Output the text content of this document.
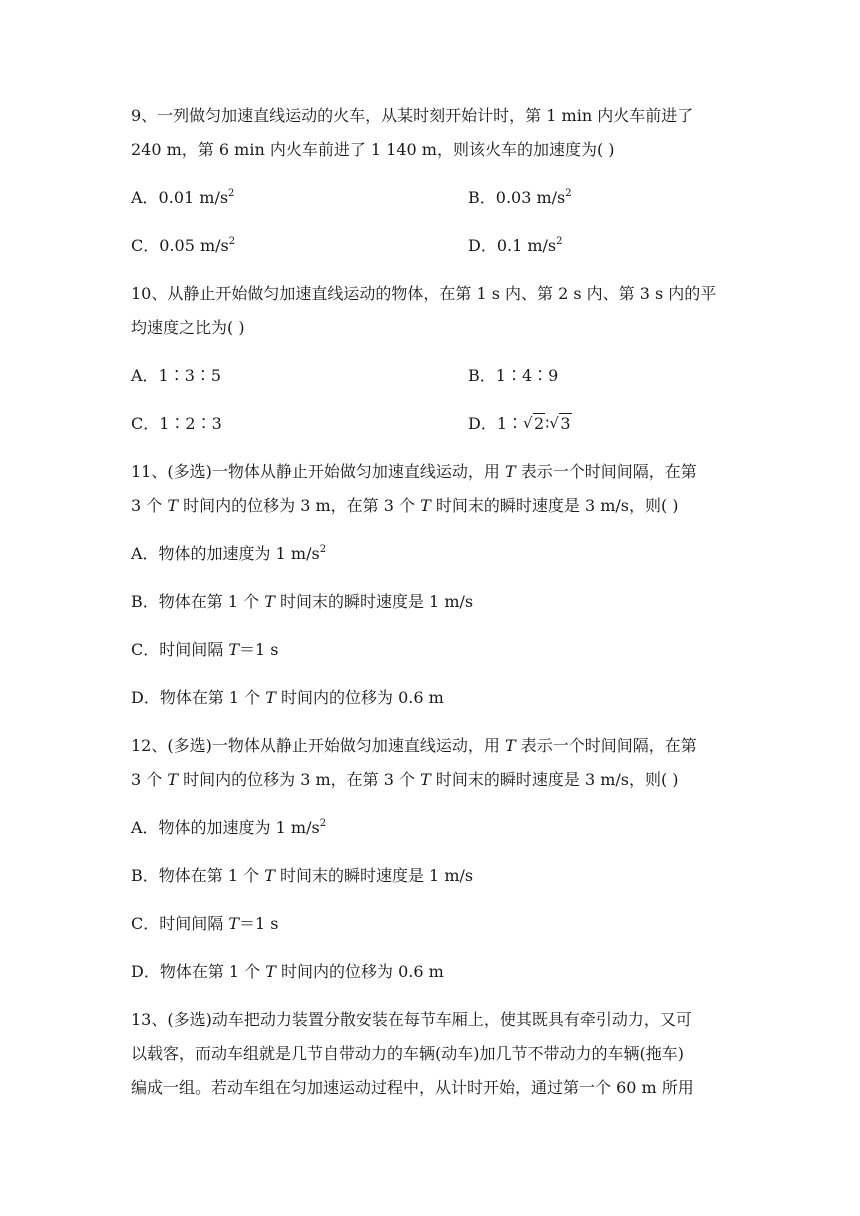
9、一列做匀加速直线运动的火车，从某时刻开始计时，第 1 min 内火车前进了
240 m，第 6 min 内火车前进了 1 140 m，则该火车的加速度为( )
A．0.01 $m/s^2$	B．0.03 $m/s^2$
C．0.05 $m/s^2$	D．0.1 $m/s^2$
10、从静止开始做匀加速直线运动的物体，在第 1 s 内、第 2 s 内、第 3 s 内的平
均速度之比为( )
A．1∶3∶5	B．1∶4∶9
C．1∶2∶3	D．1∶ √ 2∶ √ 3
11、(多选)一物体从静止开始做匀加速直线运动，用 T 表示一个时间间隔，在第
3 个 T 时间内的位移为 3 m，在第 3 个 T 时间末的瞬时速度是 3 m/s，则( )
A．物体的加速度为 1 $m/s^2$
B．物体在第 1 个 T 时间末的瞬时速度是 1 m/s
C．时间间隔 T＝1 s
D．物体在第 1 个 T 时间内的位移为 0.6 m
12、(多选)一物体从静止开始做匀加速直线运动，用 T 表示一个时间间隔，在第
3 个 T 时间内的位移为 3 m，在第 3 个 T 时间末的瞬时速度是 3 m/s，则( )
A．物体的加速度为 1 $m/s^2$
B．物体在第 1 个 T 时间末的瞬时速度是 1 m/s
C．时间间隔 T＝1 s
D．物体在第 1 个 T 时间内的位移为 0.6 m
13、(多选)动车把动力装置分散安装在每节车厢上，使其既具有牵引动力，又可
以载客，而动车组就是几节自带动力的车辆(动车)加几节不带动力的车辆(拖车)
编成一组。若动车组在匀加速运动过程中，从计时开始，通过第一个 60 m 所用
